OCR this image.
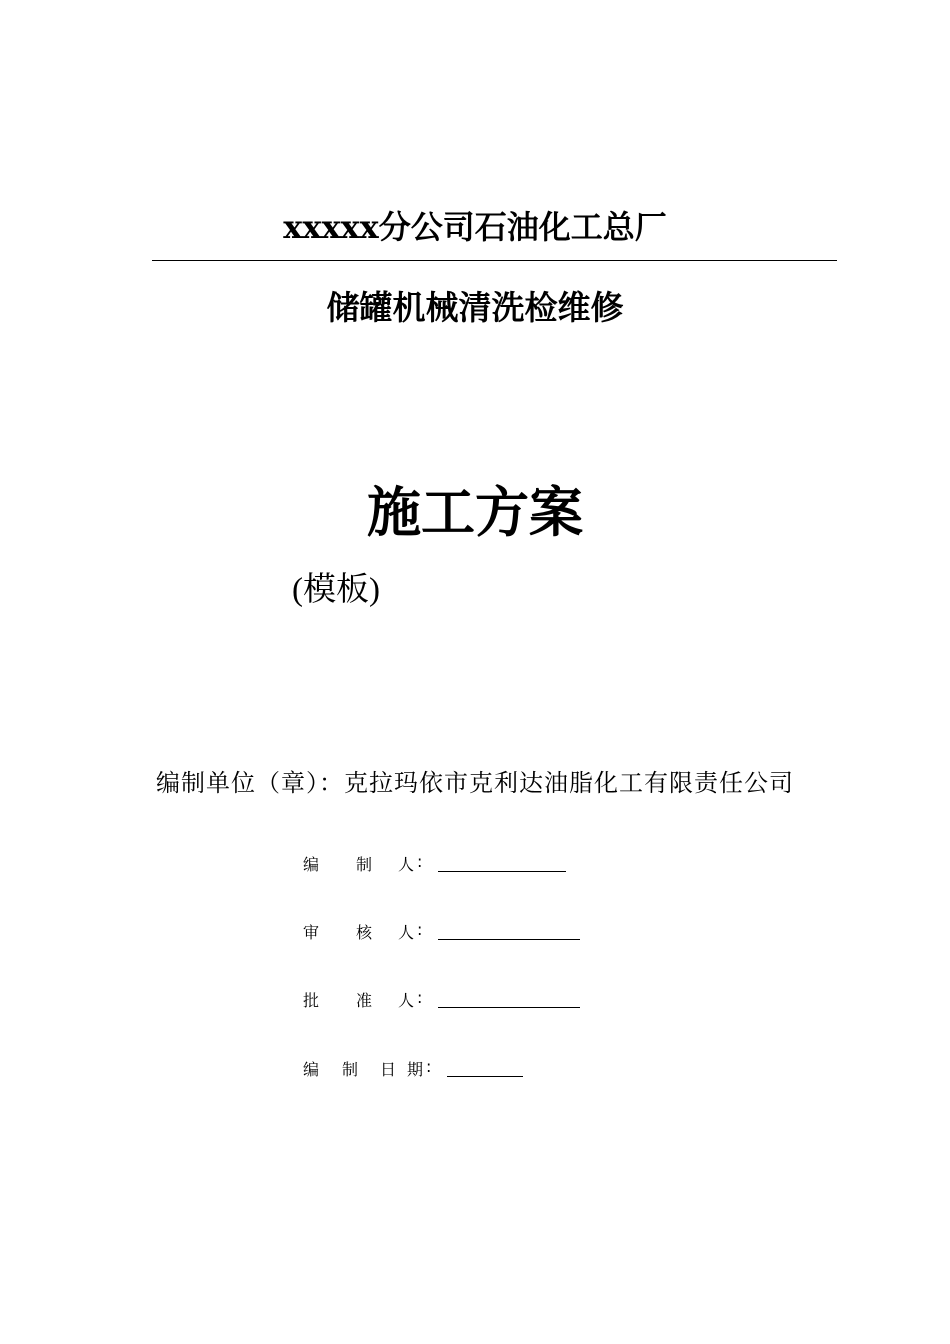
xxxxx分公司石油化工总厂
储罐机械清洗检维修
施工方案
(模板)
编制单位（章）：克拉玛依市克利达油脂化工有限责任公司
编 制 人 :
审 核 人 :
批 准 人 :
编 制 日 期 :
